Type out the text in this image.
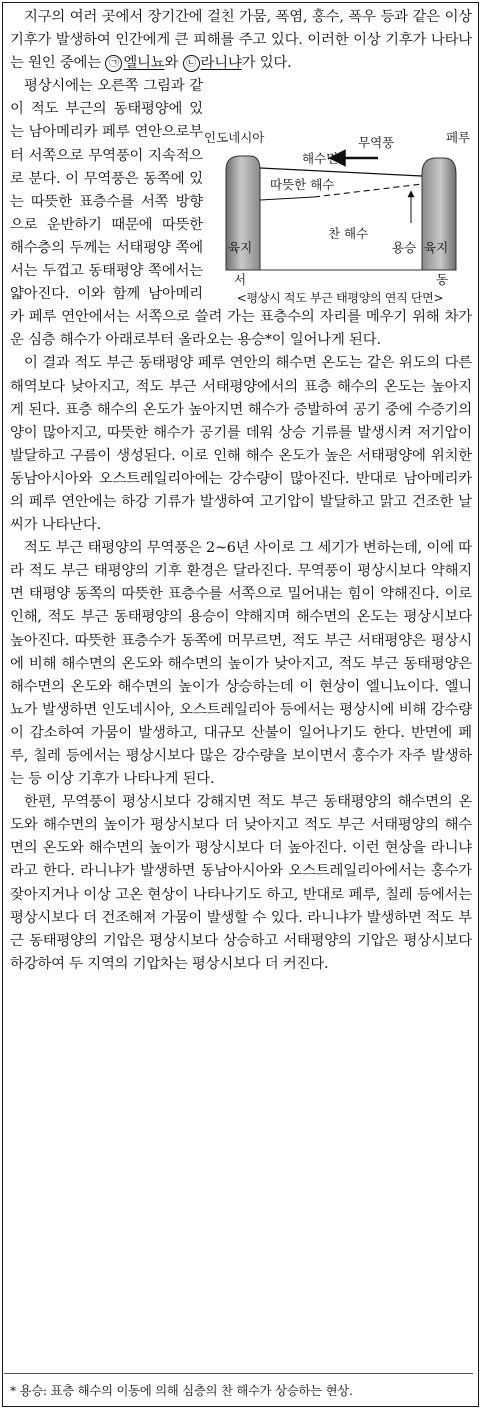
지구의 여러 곳에서 장기간에 걸친 가뭄, 폭염, 홍수, 폭우 등과 같은 이상 기후가 발생하여 인간에게 큰 피해를 주고 있다. 이러한 이상 기후가 나타나는 원인 중에는 ㉠ 엘니뇨와 ㉡ 라니냐가 있다.

평상시에는 오른쪽 그림과 같이 적도 부근의 동태평양에 있는 남아메리카 페루 연안으로부터 서쪽으로 무역풍이 지속적으로 분다. 이 무역풍은 동쪽에 있는 따뜻한 표층수를 서쪽 방향으로 운반하기 때문에 따뜻한 해수층의 두께는 서태평양 쪽에서는 두껍고 동태평양 쪽에서는 얇아진다. 이와 함께 남아메리카 페루 연안에서는 서쪽으로 쓸려 가는 표층수의 자리를 메우기 위해 차가운 심층 해수가 아래로부터 올라오는 용승*이 일어나게 된다.

이 결과 적도 부근 동태평양 페루 연안의 해수면 온도는 같은 위도의 다른 해역보다 낮아지고, 적도 부근 서태평양에서의 표층 해수의 온도는 높아지게 된다. 표층 해수의 온도가 높아지면 해수가 증발하여 공기 중에 수증기의 양이 많아지고, 따뜻한 해수가 공기를 데워 상승 기류를 발생시켜 저기압이 발달하고 구름이 생성된다. 이로 인해 해수 온도가 높은 서태평양에 위치한 동남아시아와 오스트레일리아에는 강수량이 많아진다. 반대로 남아메리카의 페루 연안에는 하강 기류가 발생하여 고기압이 발달하고 맑고 건조한 날씨가 나타난다.

적도 부근 태평양의 무역풍은 2~6년 사이로 그 세기가 변하는데, 이에 따라 적도 부근 태평양의 기후 환경은 달라진다. 무역풍이 평상시보다 약해지면 태평양 동쪽의 따뜻한 표층수를 서쪽으로 밀어내는 힘이 약해진다. 이로 인해, 적도 부근 동태평양의 용승이 약해지며 해수면의 온도는 평상시보다 높아진다. 따뜻한 표층수가 동쪽에 머무르면, 적도 부근 서태평양은 평상시에 비해 해수면의 온도와 해수면의 높이가 낮아지고, 적도 부근 동태평양은 해수면의 온도와 해수면의 높이가 상승하는데 이 현상이 엘니뇨이다. 엘니뇨가 발생하면 인도네시아, 오스트레일리아 등에서는 평상시에 비해 강수량이 감소하여 가뭄이 발생하고, 대규모 산불이 일어나기도 한다. 반면에 페루, 칠레 등에서는 평상시보다 많은 강수량을 보이면서 홍수가 자주 발생하는 등 이상 기후가 나타나게 된다.

한편, 무역풍이 평상시보다 강해지면 적도 부근 동태평양의 해수면의 온도와 해수면의 높이가 평상시보다 더 낮아지고 적도 부근 서태평양의 해수면의 온도와 해수면의 높이가 평상시보다 더 높아진다. 이런 현상을 라니냐라고 한다. 라니냐가 발생하면 동남아시아와 오스트레일리아에서는 홍수가 잦아지거나 이상 고온 현상이 나타나기도 하고, 반대로 페루, 칠레 등에서는 평상시보다 더 건조해져 가뭄이 발생할 수 있다. 라니냐가 발생하면 적도 부근 동태평양의 기압은 평상시보다 상승하고 서태평양의 기압은 평상시보다 하강하여 두 지역의 기압차는 평상시보다 더 커진다.

인도네시아	페루
무역풍
해수면
따뜻한 해수
찬 해수
용승
육지	육지
서	동
<평상시 적도 부근 태평양의 연직 단면>
* 용승: 표층 해수의 이동에 의해 심층의 찬 해수가 상승하는 현상.
